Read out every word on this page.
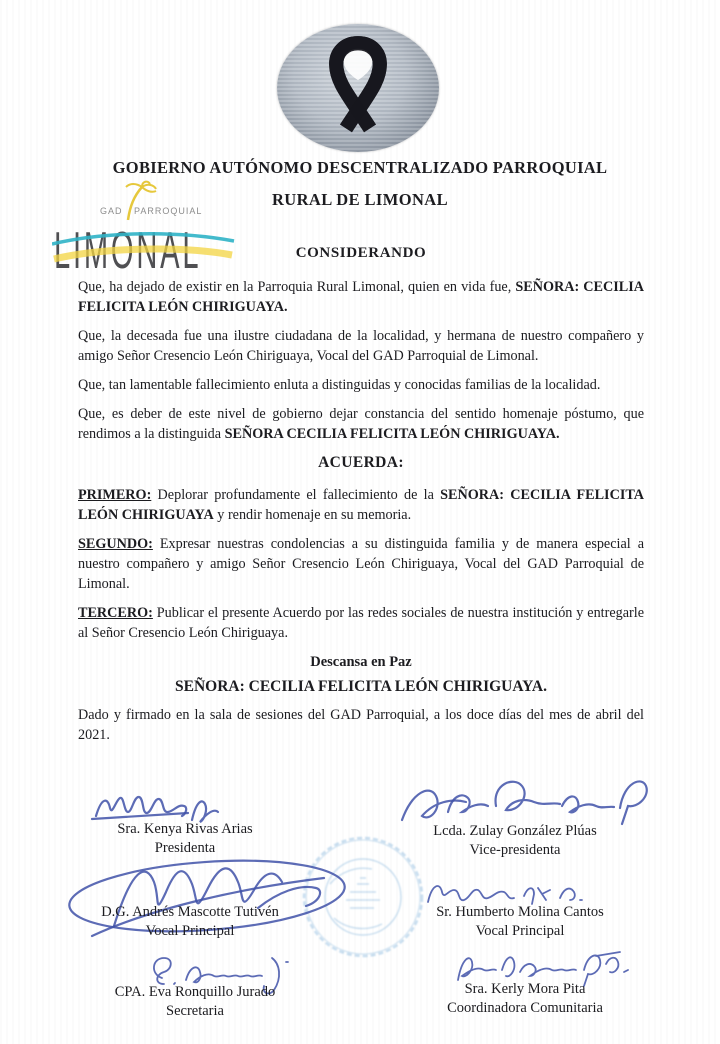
GOBIERNO AUTÓNOMO DESCENTRALIZADO PARROQUIAL
RURAL DE LIMONAL
GAD PARROQUIAL
LIMONAL	CONSIDERANDO

Que, ha dejado de existir en la Parroquia Rural Limonal, quien en vida fue, SEÑORA: CECILIA FELICITA LEÓN CHIRIGUAYA.

Que, la decesada fue una ilustre ciudadana de la localidad, y hermana de nuestro compañero y amigo Señor Cresencio León Chiriguaya, Vocal del GAD Parroquial de Limonal.

Que, tan lamentable fallecimiento enluta a distinguidas y conocidas familias de la localidad.

Que, es deber de este nivel de gobierno dejar constancia del sentido homenaje póstumo, que rendimos a la distinguida SEÑORA CECILIA FELICITA LEÓN CHIRIGUAYA.

ACUERDA:

PRIMERO: Deplorar profundamente el fallecimiento de la SEÑORA: CECILIA FELICITA LEÓN CHIRIGUAYA y rendir homenaje en su memoria.

SEGUNDO: Expresar nuestras condolencias a su distinguida familia y de manera especial a nuestro compañero y amigo Señor Cresencio León Chiriguaya, Vocal del GAD Parroquial de Limonal.

TERCERO: Publicar el presente Acuerdo por las redes sociales de nuestra institución y entregarle al Señor Cresencio León Chiriguaya.

Descansa en Paz
SEÑORA: CECILIA FELICITA LEÓN CHIRIGUAYA.

Dado y firmado en la sala de sesiones del GAD Parroquial, a los doce días del mes de abril del 2021.

Sra. Kenya Rivas Arias
Presidenta
Lcda. Zulay González Plúas
Vice-presidenta
D.G. Andrés Mascotte Tutivén
Vocal Principal
Sr. Humberto Molina Cantos
Vocal Principal
CPA. Eva Ronquillo Jurado
Secretaria
Sra. Kerly Mora Pita
Coordinadora Comunitaria
